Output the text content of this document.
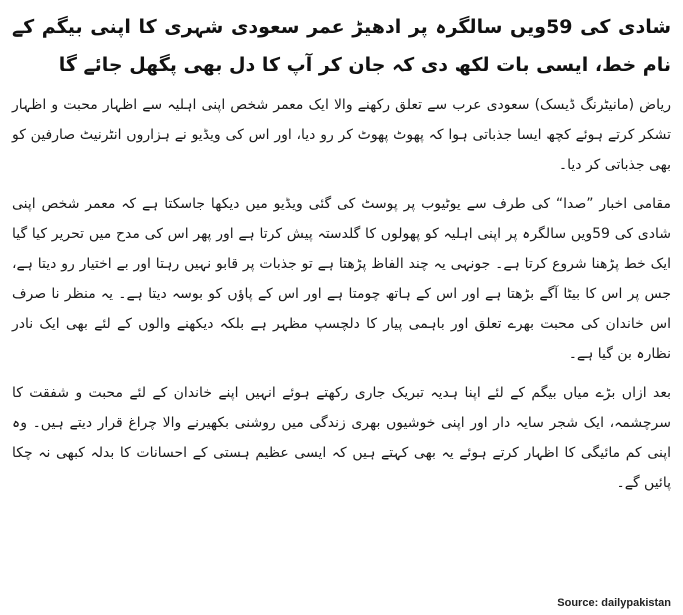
شادی کی 59ویں سالگرہ پر ادھیڑ عمر سعودی شہری کا اپنی بیگم کے نام خط، ایسی بات لکھ دی کہ جان کر آپ کا دل بھی پگھل جائے گا

ریاض (مانیٹرنگ ڈیسک) سعودی عرب سے تعلق رکھنے والا ایک معمر شخص اپنی اہلیہ سے اظہار محبت و اظہار تشکر کرتے ہوئے کچھ ایسا جذباتی ہوا کہ پھوٹ پھوٹ کر رو دیا، اور اس کی ویڈیو نے ہزاروں انٹرنیٹ صارفین کو بھی جذباتی کر دیا۔

مقامی اخبار ”صدا“ کی طرف سے یوٹیوب پر پوسٹ کی گئی ویڈیو میں دیکھا جاسکتا ہے کہ معمر شخص اپنی شادی کی 59ویں سالگرہ پر اپنی اہلیہ کو پھولوں کا گلدستہ پیش کرتا ہے اور پھر اس کی مدح میں تحریر کیا گیا ایک خط پڑھنا شروع کرتا ہے۔ جونہی یہ چند الفاظ پڑھتا ہے تو جذبات پر قابو نہیں رہتا اور بے اختیار رو دیتا ہے، جس پر اس کا بیٹا آگے بڑھتا ہے اور اس کے ہاتھ چومتا ہے اور اس کے پاؤں کو بوسہ دیتا ہے۔ یہ منظر نا صرف اس خاندان کی محبت بھرے تعلق اور باہمی پیار کا دلچسپ مظہر ہے بلکہ دیکھنے والوں کے لئے بھی ایک نادر نظارہ بن گیا ہے۔

بعد ازاں بڑے میاں بیگم کے لئے اپنا ہدیہ تبریک جاری رکھتے ہوئے انہیں اپنے خاندان کے لئے محبت و شفقت کا سرچشمہ، ایک شجر سایہ دار اور اپنی خوشیوں بھری زندگی میں روشنی بکھیرنے والا چراغ قرار دیتے ہیں۔ وہ اپنی کم مائیگی کا اظہار کرتے ہوئے یہ بھی کہتے ہیں کہ ایسی عظیم ہستی کے احسانات کا بدلہ کبھی نہ چکا پائیں گے۔

Source: dailypakistan
